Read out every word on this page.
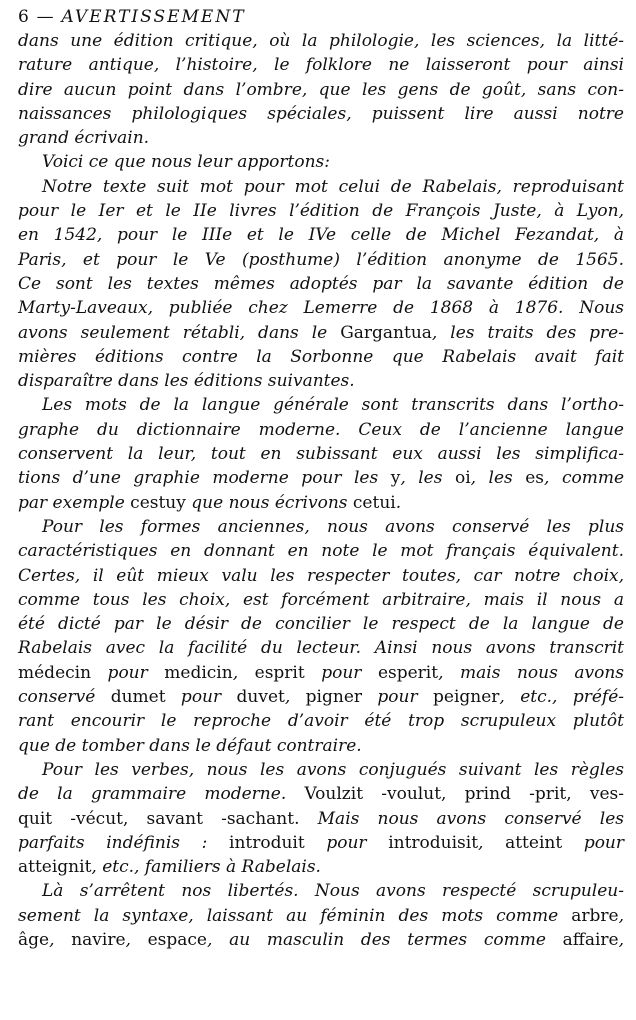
6 — AVERTISSEMENT
dans une édition critique, où la philologie, les sciences, la litté-
rature antique, l’histoire, le folklore ne laisseront pour ainsi
dire aucun point dans l’ombre, que les gens de goût, sans con-
naissances philologiques spéciales, puissent lire aussi notre
grand écrivain.
Voici ce que nous leur apportons:
Notre texte suit mot pour mot celui de Rabelais, reproduisant
pour le Ier et le IIe livres l’édition de François Juste, à Lyon,
en 1542, pour le IIIe et le IVe celle de Michel Fezandat, à
Paris, et pour le Ve (posthume) l’édition anonyme de 1565.
Ce sont les textes mêmes adoptés par la savante édition de
Marty-Laveaux, publiée chez Lemerre de 1868 à 1876. Nous
avons seulement rétabli, dans le Gargantua, les traits des pre-
mières éditions contre la Sorbonne que Rabelais avait fait
disparaître dans les éditions suivantes.
Les mots de la langue générale sont transcrits dans l’ortho-
graphe du dictionnaire moderne. Ceux de l’ancienne langue
conservent la leur, tout en subissant eux aussi les simplifica-
tions d’une graphie moderne pour les y, les oi, les es, comme
par exemple cestuy que nous écrivons cetui.
Pour les formes anciennes, nous avons conservé les plus
caractéristiques en donnant en note le mot français équivalent.
Certes, il eût mieux valu les respecter toutes, car notre choix,
comme tous les choix, est forcément arbitraire, mais il nous a
été dicté par le désir de concilier le respect de la langue de
Rabelais avec la facilité du lecteur. Ainsi nous avons transcrit
médecin pour medicin, esprit pour esperit, mais nous avons
conservé dumet pour duvet, pigner pour peigner, etc., préfé-
rant encourir le reproche d’avoir été trop scrupuleux plutôt
que de tomber dans le défaut contraire.
Pour les verbes, nous les avons conjugués suivant les règles
de la grammaire moderne. Voulzit -voulut, prind -prit, ves-
quit -vécut, savant -sachant. Mais nous avons conservé les
parfaits indéfinis : introduit pour introduisit, atteint pour
atteignit, etc., familiers à Rabelais.
Là s’arrêtent nos libertés. Nous avons respecté scrupuleu-
sement la syntaxe, laissant au féminin des mots comme arbre,
âge, navire, espace, au masculin des termes comme affaire,
